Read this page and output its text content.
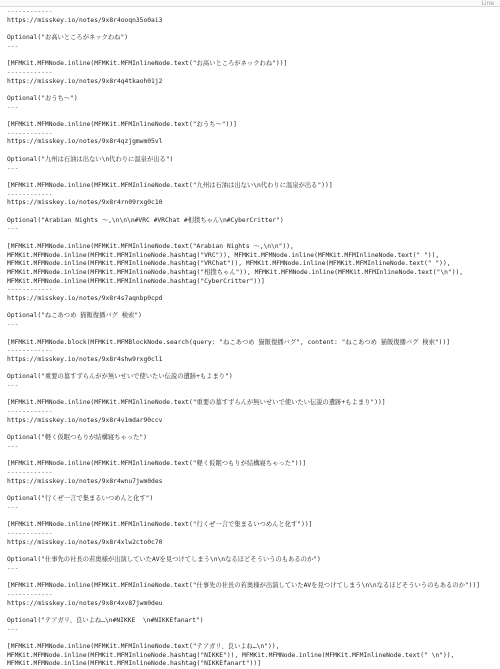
Line
------------
https://misskey.io/notes/9x8r4ooqn35o0ai3
Optional("お高いところがネックわね")
---
[MFMKit.MFMNode.inline(MFMKit.MFMInlineNode.text("お高いところがネックわね"))]
------------
https://misskey.io/notes/9x8r4q4tkaoh01j2
Optional("おうち〜")
---
[MFMKit.MFMNode.inline(MFMKit.MFMInlineNode.text("おうち〜"))]
------------
https://misskey.io/notes/9x8r4qzjgmwm05vl
Optional("九州は石油は出ない\n代わりに温泉が出る")
---
[MFMKit.MFMNode.inline(MFMKit.MFMInlineNode.text("九州は石油は出ない\n代わりに温泉が出る"))]
------------
https://misskey.io/notes/9x8r4rn09rxg0c10
Optional("Arabian Nights ～,\n\n\n#VRC #VRChat #相撲ちゃん\n#CyberCritter")
---
[MFMKit.MFMNode.inline(MFMKit.MFMInlineNode.text("Arabian Nights ～,\n\n")), MFMKit.MFMNode.inline(MFMKit.MFMInlineNode.hashtag("VRC")), MFMKit.MFMNode.inline(MFMKit.MFMInlineNode.text(" ")), MFMKit.MFMNode.inline(MFMKit.MFMInlineNode.hashtag("VRChat")), MFMKit.MFMNode.inline(MFMKit.MFMInlineNode.text(" ")), MFMKit.MFMNode.inline(MFMKit.MFMInlineNode.hashtag("相撲ちゃん")), MFMKit.MFMNode.inline(MFMKit.MFMInlineNode.text("\n")), MFMKit.MFMNode.inline(MFMKit.MFMInlineNode.hashtag("CyberCritter"))]
------------
https://misskey.io/notes/9x8r4s7aqnbp0cpd
Optional("ねこあつめ 猫飯復播バグ 検索")
---
[MFMKit.MFMNode.block(MFMKit.MFMBlockNode.search(query: "ねこあつめ 猫飯復播バグ", content: "ねこあつめ 猫飯復播バグ 検索"))]
------------
https://misskey.io/notes/9x8r4shw9rxg0cl1
Optional("重要の墓すずらんがが無いせいで使いたい伝説の遺跡+もよまり")
---
[MFMKit.MFMNode.inline(MFMKit.MFMInlineNode.text("重要の墓すずらんが無いせいで使いたい伝説の遺跡+もよまり"))]
------------
https://misskey.io/notes/9x8r4v1mdar90ccv
Optional("軽く仮眠つもりが結構寝ちゃった")
---
[MFMKit.MFMNode.inline(MFMKit.MFMInlineNode.text("軽く仮眠つもりが結構寝ちゃった"))]
------------
https://misskey.io/notes/9x8r4wnu7jwm0des
Optional("行くぜ一言で集まるいつめんと化す")
---
[MFMKit.MFMNode.inline(MFMKit.MFMInlineNode.text("行くぜ一言で集まるいつめんと化す"))]
------------
https://misskey.io/notes/9x8r4xlw2cto0c70
Optional("仕事先の社長の若奥様が出演していたAVを見つけてしまう\n\nなるほどそういうのもあるのか")
---
[MFMKit.MFMNode.inline(MFMKit.MFMInlineNode.text("仕事先の社長の若奥様が出演していたAVを見つけてしまう\n\nなるほどそういうのもあるのか"))]
------------
https://misskey.io/notes/9x8r4xv87jwm0deu
Optional("テアガリ、良いよね…\n#NIKKE  \n#NIKKEfanart")
---
[MFMKit.MFMNode.inline(MFMKit.MFMInlineNode.text("テアガリ、良いよね…\n")), MFMKit.MFMNode.inline(MFMKit.MFMInlineNode.hashtag("NIKKE")), MFMKit.MFMNode.inline(MFMKit.MFMInlineNode.text(" \n")), MFMKit.MFMNode.inline(MFMKit.MFMInlineNode.hashtag("NIKKEfanart"))]
